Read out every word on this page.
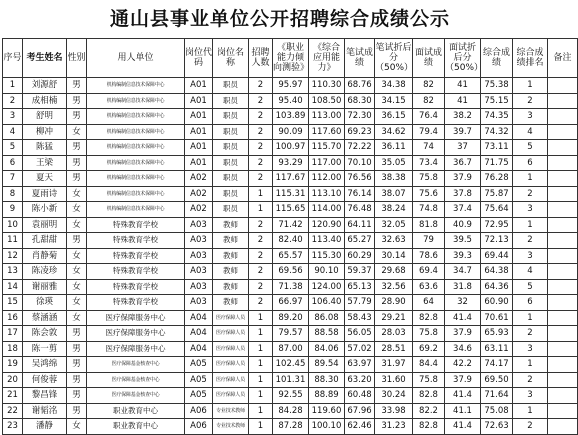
通山县事业单位公开招聘综合成绩公示
序号	考生姓名	性别	用人单位	岗位代码	岗位名称	招聘人数	《职业能力倾向测验》	《综合应用能力》	笔试成绩	笔试折后分（50%）	面试成绩	面试折后分（50%）	综合成绩	综合成绩排名	备注
1	刘源舒	男	机构编制信息技术保障中心	A01	职员	2	95.97	110.30	68.76	34.38	82	41	75.38	1	
2	成相楠	男	机构编制信息技术保障中心	A01	职员	2	95.40	108.50	68.30	34.15	82	41	75.15	2	
3	舒明	男	机构编制信息技术保障中心	A01	职员	2	103.89	113.00	72.30	36.15	76.4	38.2	74.35	3	
4	柳冲	女	机构编制信息技术保障中心	A01	职员	2	90.09	117.60	69.23	34.62	79.4	39.7	74.32	4	
5	陈猛	男	机构编制信息技术保障中心	A01	职员	2	100.97	115.70	72.22	36.11	74	37	73.11	5	
6	王梁	男	机构编制信息技术保障中心	A01	职员	2	93.29	117.00	70.10	35.05	73.4	36.7	71.75	6	
7	夏天	男	机构编制信息技术保障中心	A02	职员	2	117.67	112.00	76.56	38.38	75.8	37.9	76.28	1	
8	夏雨诗	女	机构编制信息技术保障中心	A02	职员	1	115.31	113.10	76.14	38.07	75.6	37.8	75.87	2	
9	陈小新	女	机构编制信息技术保障中心	A02	职员	1	115.65	114.00	76.48	38.24	74.8	37.4	75.64	3	
10	袁丽明	女	特殊教育学校	A03	教师	2	71.42	120.90	64.11	32.05	81.8	40.9	72.95	1	
11	孔甜甜	男	特殊教育学校	A03	教师	2	82.40	113.40	65.27	32.63	79	39.5	72.13	2	
12	肖静菊	女	特殊教育学校	A03	教师	2	65.57	115.30	60.29	30.14	78.6	39.3	69.44	3	
13	陈凌珍	女	特殊教育学校	A03	教师	2	69.56	90.10	59.37	29.68	69.4	34.7	64.38	4	
14	谢丽雅	女	特殊教育学校	A03	教师	2	71.38	124.00	65.13	32.56	63.6	31.8	64.36	5	
15	徐瑛	女	特殊教育学校	A03	教师	2	66.97	106.40	57.79	28.90	64	32	60.90	6	
16	蔡涵涵	女	医疗保障服务中心	A04	医疗保障人员	1	89.20	86.08	58.43	29.21	82.8	41.4	70.61	1	
17	陈会敦	男	医疗保障服务中心	A04	医疗保障人员	1	79.57	88.58	56.05	28.03	75.8	37.9	65.93	2	
18	陈一剪	男	医疗保障服务中心	A04	医疗保障人员	1	87.00	84.06	57.02	28.51	69.2	34.6	63.11	3	
19	吴鸿绵	男	医疗保障基金核查中心	A05	医疗保障人员	1	102.45	89.54	63.97	31.97	84.4	42.2	74.17	1	
20	何俊蓉	男	医疗保障基金核查中心	A05	医疗保障人员	1	101.31	88.30	63.20	31.60	75.8	37.9	69.50	2	
21	黎昌锋	男	医疗保障基金核查中心	A05	医疗保障人员	1	92.55	88.89	60.48	30.24	82.8	41.4	71.64	3	
22	谢韬洺	男	职业教育中心	A06	专业技术教师	1	84.28	119.60	67.96	33.98	82.2	41.1	75.08	1	
23	潘静	女	职业教育中心	A06	专业技术教师	1	87.28	100.10	62.46	31.23	82.8	41.4	72.63	2	
